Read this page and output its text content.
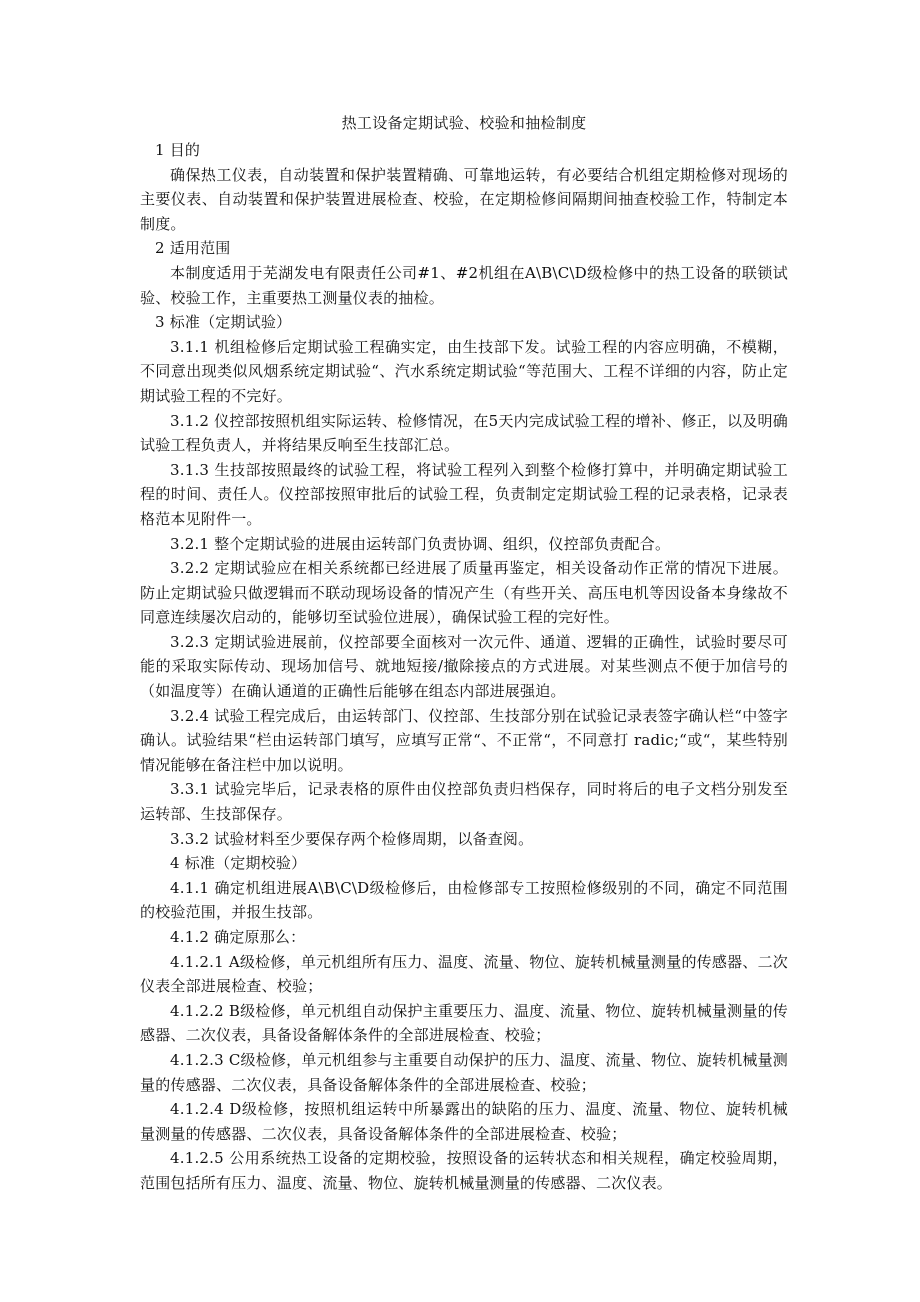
热工设备定期试验、校验和抽检制度

1 目的

确保热工仪表，自动装置和保护装置精确、可靠地运转，有必要结合机组定期检修对现场的主要仪表、自动装置和保护装置进展检查、校验，在定期检修间隔期间抽查校验工作，特制定本制度。

2 适用范围

本制度适用于芜湖发电有限责任公司#1、#2机组在A\B\C\D级检修中的热工设备的联锁试验、校验工作，主重要热工测量仪表的抽检。

3 标准（定期试验）

3.1.1 机组检修后定期试验工程确实定，由生技部下发。试验工程的内容应明确，不模糊，不同意出现类似风烟系统定期试验“、汽水系统定期试验“等范围大、工程不详细的内容，防止定期试验工程的不完好。

3.1.2 仪控部按照机组实际运转、检修情况，在5天内完成试验工程的增补、修正，以及明确试验工程负责人，并将结果反响至生技部汇总。

3.1.3 生技部按照最终的试验工程，将试验工程列入到整个检修打算中，并明确定期试验工程的时间、责任人。仪控部按照审批后的试验工程，负责制定定期试验工程的记录表格，记录表格范本见附件一。

3.2.1 整个定期试验的进展由运转部门负责协调、组织，仪控部负责配合。

3.2.2 定期试验应在相关系统都已经进展了质量再鉴定，相关设备动作正常的情况下进展。防止定期试验只做逻辑而不联动现场设备的情况产生（有些开关、高压电机等因设备本身缘故不同意连续屡次启动的，能够切至试验位进展），确保试验工程的完好性。

3.2.3 定期试验进展前，仪控部要全面核对一次元件、通道、逻辑的正确性，试验时要尽可能的采取实际传动、现场加信号、就地短接/撤除接点的方式进展。对某些测点不便于加信号的（如温度等）在确认通道的正确性后能够在组态内部进展强迫。

3.2.4 试验工程完成后，由运转部门、仪控部、生技部分别在试验记录表签字确认栏“中签字确认。试验结果“栏由运转部门填写，应填写正常“、不正常“，不同意打 radic;“或“，某些特别情况能够在备注栏中加以说明。

3.3.1 试验完毕后，记录表格的原件由仪控部负责归档保存，同时将后的电子文档分别发至运转部、生技部保存。

3.3.2 试验材料至少要保存两个检修周期，以备查阅。

4 标准（定期校验）

4.1.1 确定机组进展A\B\C\D级检修后，由检修部专工按照检修级别的不同，确定不同范围的校验范围，并报生技部。

4.1.2 确定原那么：

4.1.2.1 A级检修，单元机组所有压力、温度、流量、物位、旋转机械量测量的传感器、二次仪表全部进展检查、校验；

4.1.2.2 B级检修，单元机组自动保护主重要压力、温度、流量、物位、旋转机械量测量的传感器、二次仪表，具备设备解体条件的全部进展检查、校验；

4.1.2.3 C级检修，单元机组参与主重要自动保护的压力、温度、流量、物位、旋转机械量测量的传感器、二次仪表，具备设备解体条件的全部进展检查、校验；

4.1.2.4 D级检修，按照机组运转中所暴露出的缺陷的压力、温度、流量、物位、旋转机械量测量的传感器、二次仪表，具备设备解体条件的全部进展检查、校验；

4.1.2.5 公用系统热工设备的定期校验，按照设备的运转状态和相关规程，确定校验周期，范围包括所有压力、温度、流量、物位、旋转机械量测量的传感器、二次仪表。
